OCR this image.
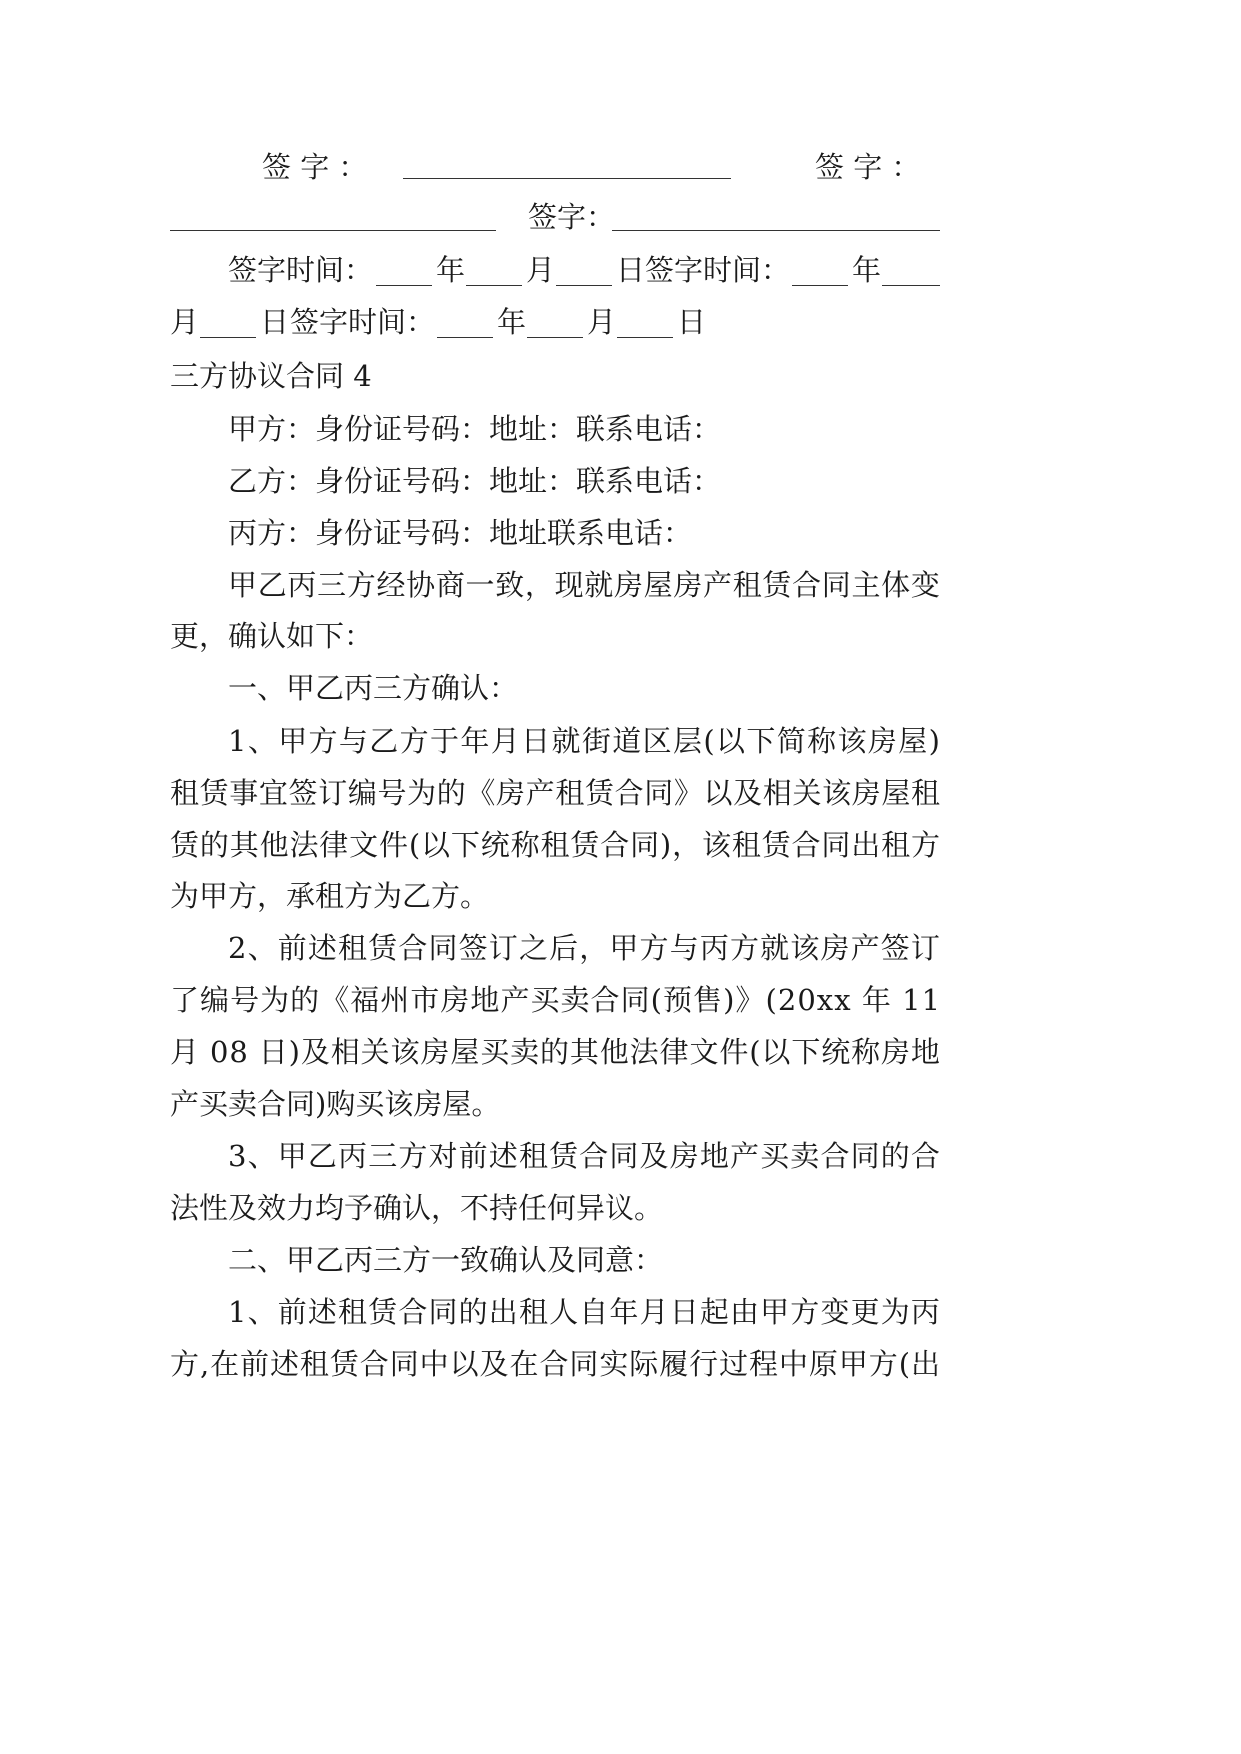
签 字 ：	签 字 ：
签字：
签字时间： 年 月 日 签字时间： 年
月 日 签字时间： 年 月 日
三方协议合同 4
甲方：身份证号码：地址：联系电话：
乙方：身份证号码：地址：联系电话：
丙方：身份证号码：地址联系电话：
甲乙丙三方经协商一致，现就房屋房产租赁合同主体变
更，确认如下：
一、甲乙丙三方确认：
1、甲方与乙方于年月日就街道区层(以下简称该房屋)
租赁事宜签订编号为的《房产租赁合同》以及相关该房屋租
赁的其他法律文件(以下统称租赁合同)，该租赁合同出租方
为甲方，承租方为乙方。
2、前述租赁合同签订之后，甲方与丙方就该房产签订
了编号为的《福州市房地产买卖合同(预售)》(20xx 年 11
月 08 日)及相关该房屋买卖的其他法律文件(以下统称房地
产买卖合同)购买该房屋。
3、甲乙丙三方对前述租赁合同及房地产买卖合同的合
法性及效力均予确认，不持任何异议。
二、甲乙丙三方一致确认及同意：
1、前述租赁合同的出租人自年月日起由甲方变更为丙
方,在前述租赁合同中以及在合同实际履行过程中原甲方(出
